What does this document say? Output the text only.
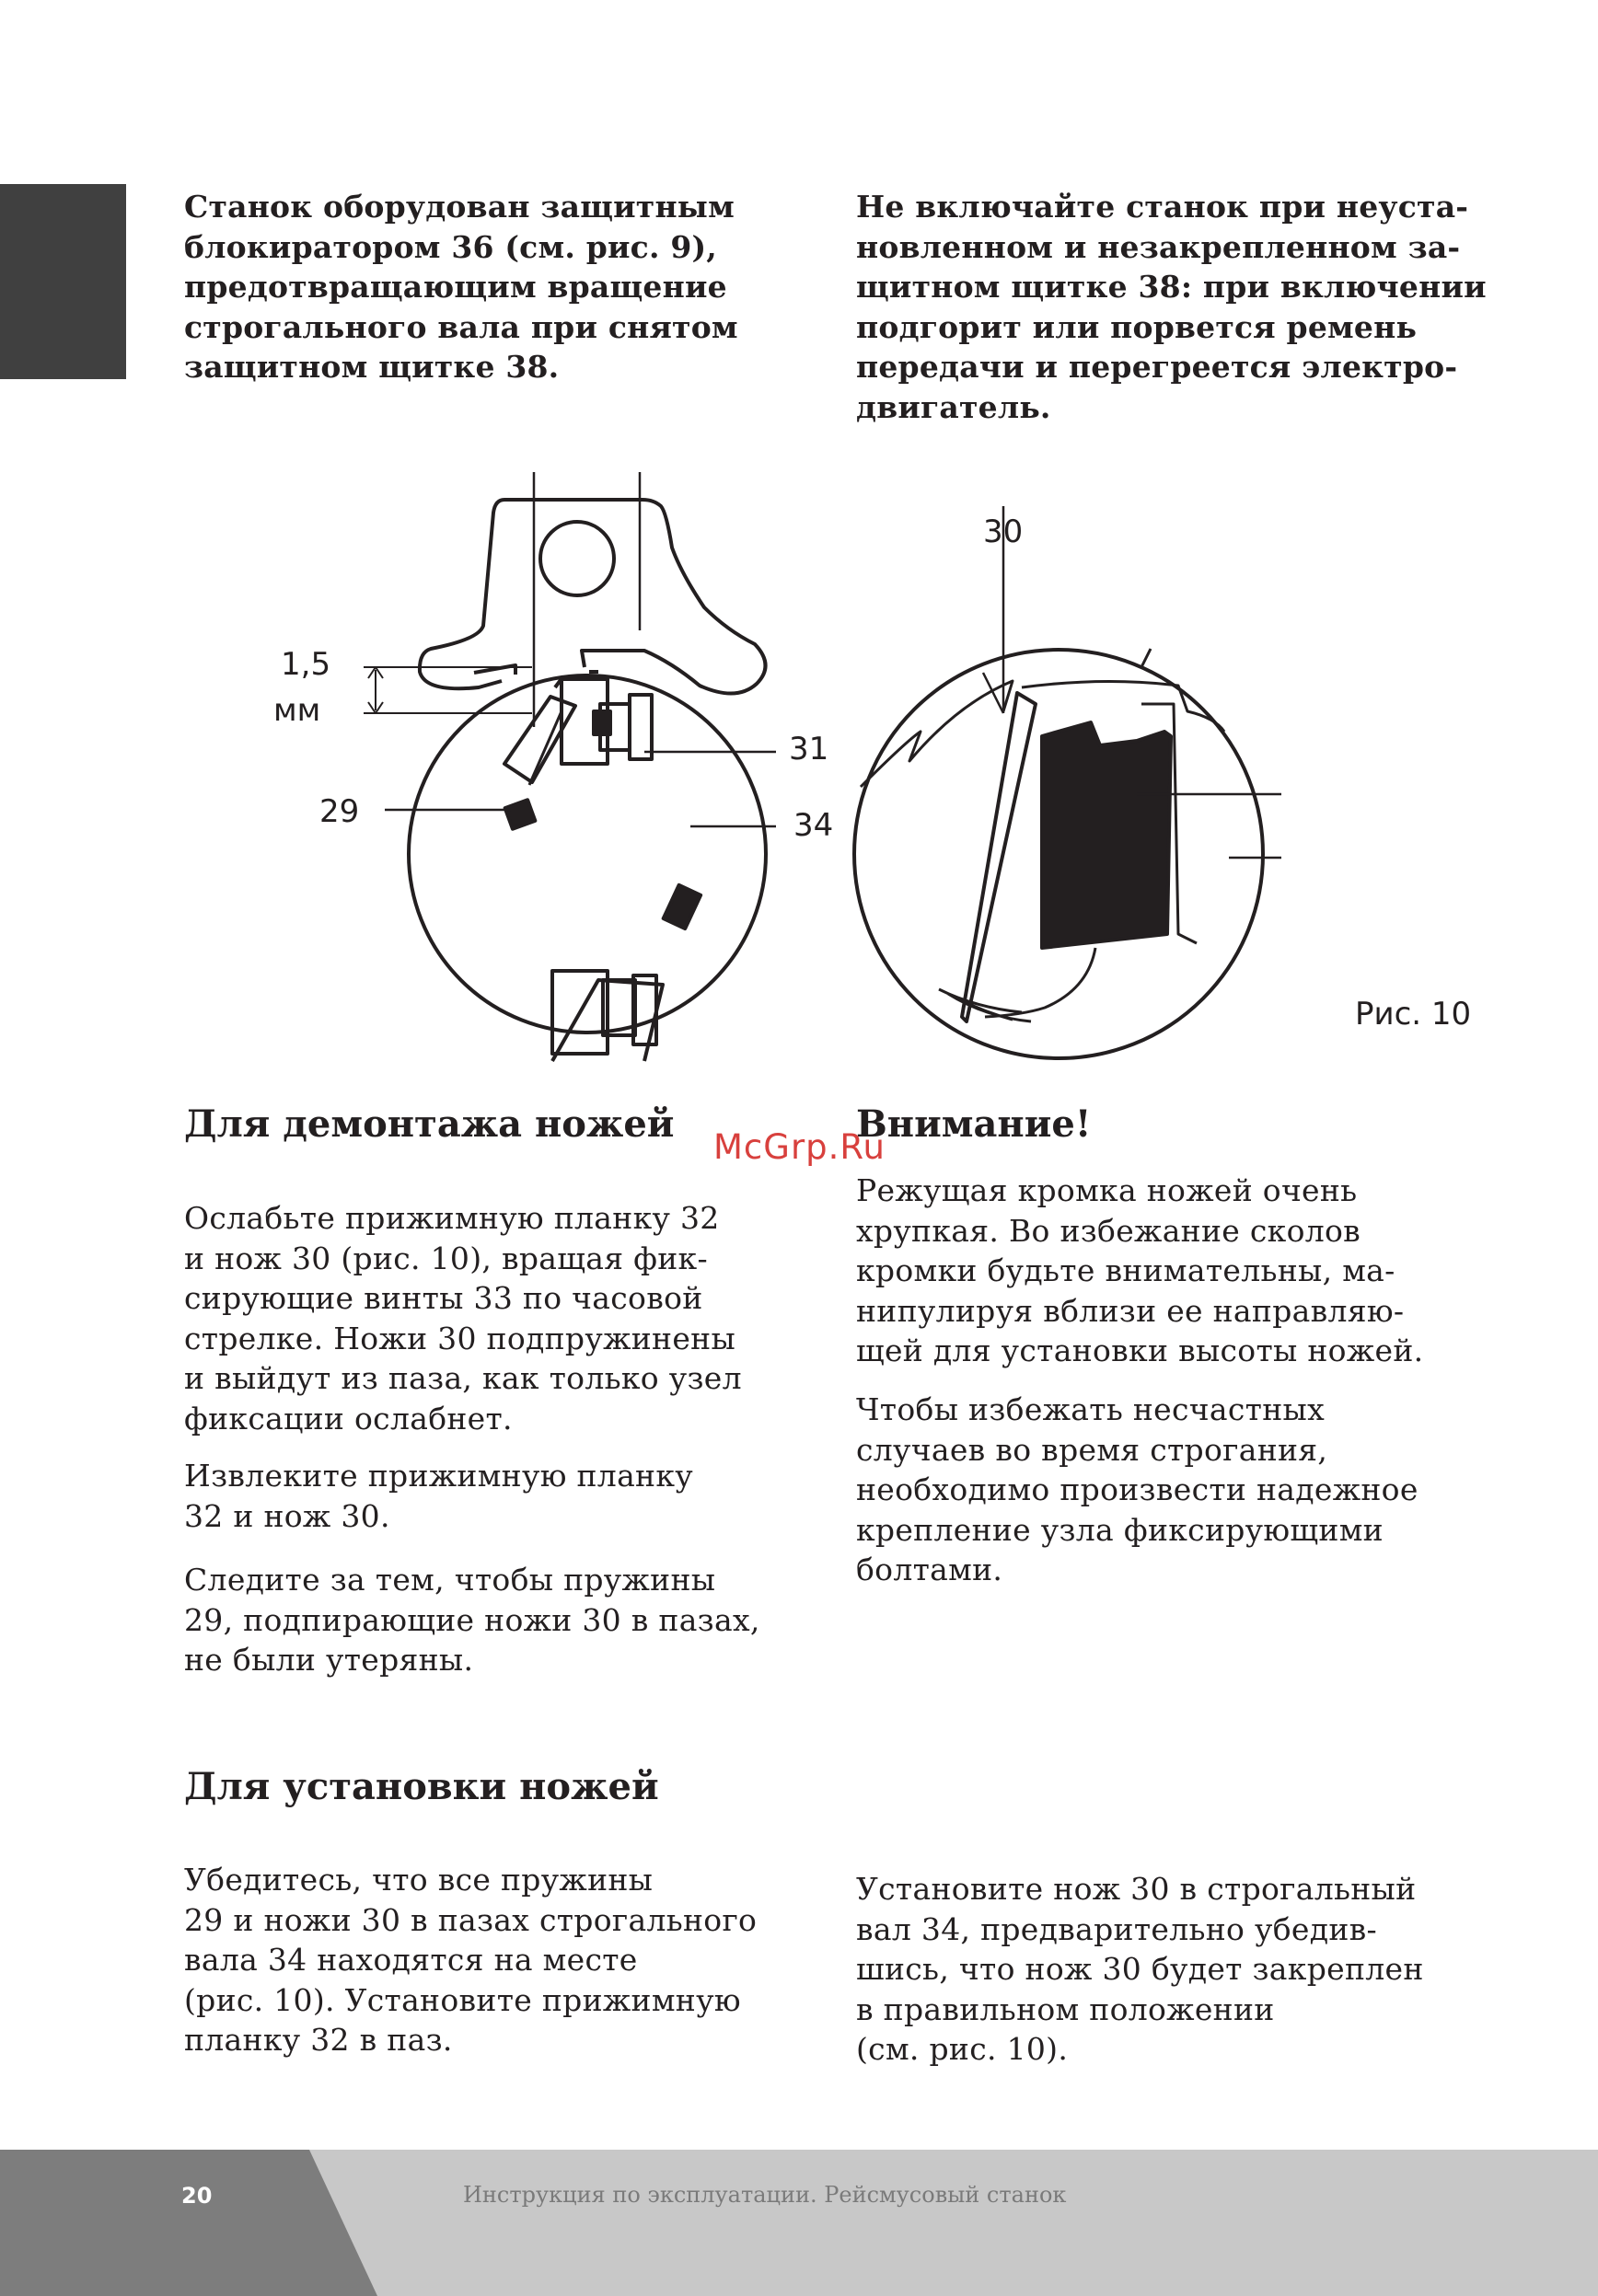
Станок оборудован защитным
блокиратором 36 (см. рис. 9),
предотвращающим вращение
строгального вала при снятом
защитном щитке 38.

Не включайте станок при неуста-
новленном и незакрепленном за-
щитном щитке 38: при включении
подгорит или порвется ремень
передачи и перегреется электро-
двигатель.

1,5
мм
29
31
34
30
Рис. 10
Для демонтажа ножей	Внимание!
McGrp.Ru

Ослабьте прижимную планку 32
и нож 30 (рис. 10), вращая фик-
сирующие винты 33 по часовой
стрелке. Ножи 30 подпружинены
и выйдут из паза, как только узел
фиксации ослабнет.

Извлеките прижимную планку
32 и нож 30.

Следите за тем, чтобы пружины
29, подпирающие ножи 30 в пазах,
не были утеряны.

Режущая кромка ножей очень
хрупкая. Во избежание сколов
кромки будьте внимательны, ма-
нипулируя вблизи ее направляю-
щей для установки высоты ножей.

Чтобы избежать несчастных
случаев во время строгания,
необходимо произвести надежное
крепление узла фиксирующими
болтами.

Для установки ножей

Убедитесь, что все пружины
29 и ножи 30 в пазах строгального
вала 34 находятся на месте
(рис. 10). Установите прижимную
планку 32 в паз.

Установите нож 30 в строгальный
вал 34, предварительно убедив-
шись, что нож 30 будет закреплен
в правильном положении
(см. рис. 10).

20	Инструкция по эксплуатации. Рейсмусовый станок
